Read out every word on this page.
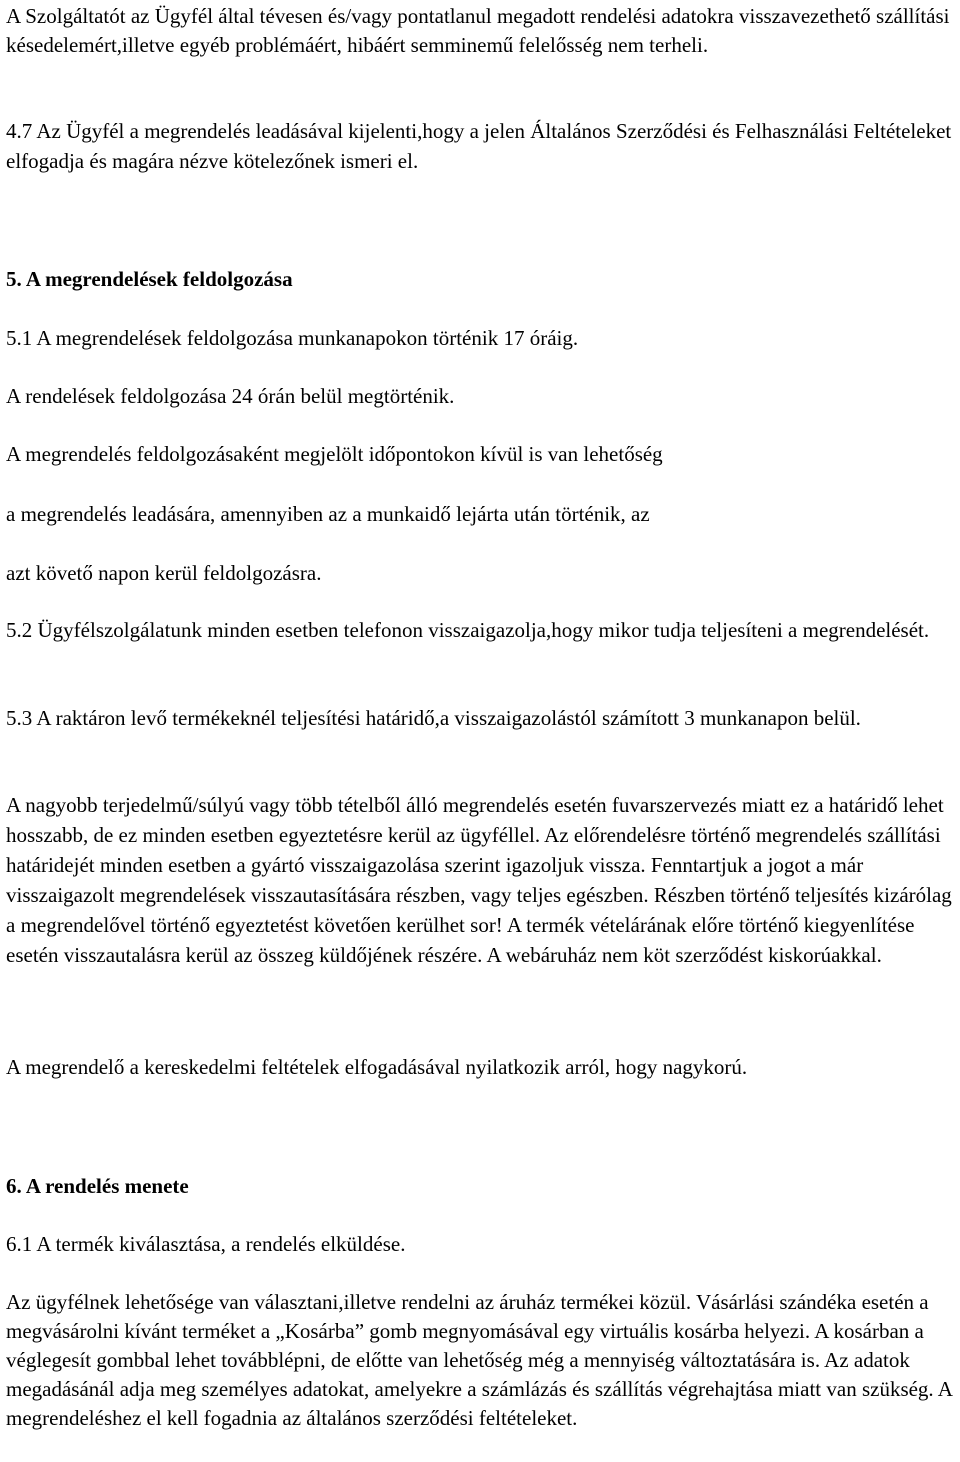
A Szolgáltatót az Ügyfél által tévesen és/vagy pontatlanul megadott rendelési adatokra visszavezethető szállítási késedelemért,illetve egyéb problémáért, hibáért semminemű felelősség nem terheli.

4.7 Az Ügyfél a megrendelés leadásával kijelenti,hogy a jelen Általános Szerződési és Felhasználási Feltételeket elfogadja és magára nézve kötelezőnek ismeri el.

5. A megrendelések feldolgozása

5.1 A megrendelések feldolgozása munkanapokon történik 17 óráig.

A rendelések feldolgozása 24 órán belül megtörténik.

A megrendelés feldolgozásaként megjelölt időpontokon kívül is van lehetőség

a megrendelés leadására, amennyiben az a munkaidő lejárta után történik, az

azt követő napon kerül feldolgozásra.

5.2 Ügyfélszolgálatunk minden esetben telefonon visszaigazolja,hogy mikor tudja teljesíteni a megrendelését.

5.3 A raktáron levő termékeknél teljesítési határidő,a visszaigazolástól számított 3 munkanapon belül.

A nagyobb terjedelmű/súlyú vagy több tételből álló megrendelés esetén fuvarszervezés miatt ez a határidő lehet hosszabb, de ez minden esetben egyeztetésre kerül az ügyféllel. Az előrendelésre történő megrendelés szállítási határidejét minden esetben a gyártó visszaigazolása szerint igazoljuk vissza. Fenntartjuk a jogot a már visszaigazolt megrendelések visszautasítására részben, vagy teljes egészben. Részben történő teljesítés kizárólag a megrendelővel történő egyeztetést követően kerülhet sor! A termék vételárának előre történő kiegyenlítése esetén visszautalásra kerül az összeg küldőjének részére. A webáruház nem köt szerződést kiskorúakkal.

A megrendelő a kereskedelmi feltételek elfogadásával nyilatkozik arról, hogy nagykorú.

6. A rendelés menete

6.1 A termék kiválasztása, a rendelés elküldése.

Az ügyfélnek lehetősége van választani,illetve rendelni az áruház termékei közül. Vásárlási szándéka esetén a megvásárolni kívánt terméket a „Kosárba” gomb megnyomásával egy virtuális kosárba helyezi. A kosárban a véglegesít gombbal lehet továbblépni, de előtte van lehetőség még a mennyiség változtatására is. Az adatok megadásánál adja meg személyes adatokat, amelyekre a számlázás és szállítás végrehajtása miatt van szükség. A megrendeléshez el kell fogadnia az általános szerződési feltételeket.
